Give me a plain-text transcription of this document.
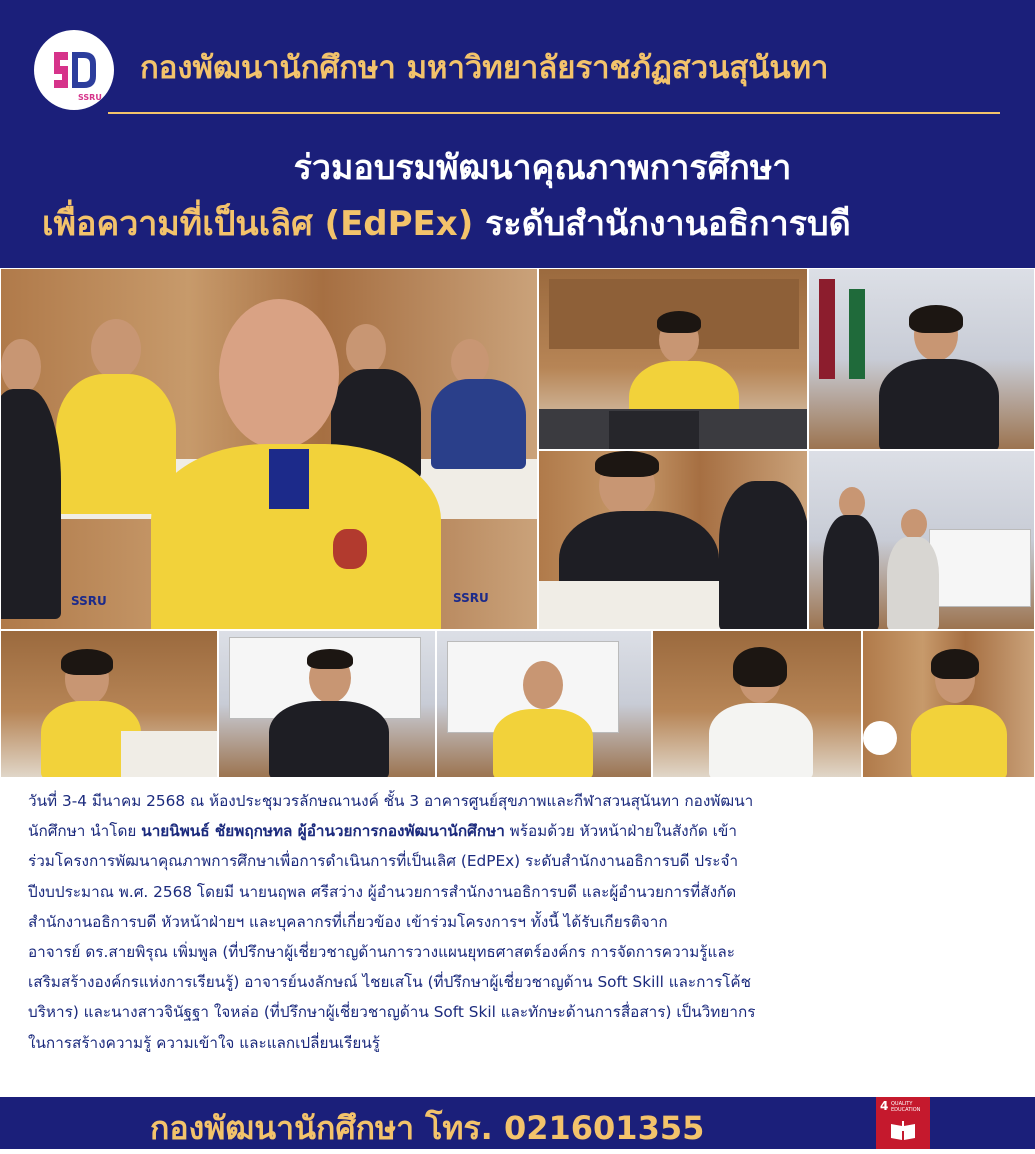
SSRU
กองพัฒนานักศึกษา มหาวิทยาลัยราชภัฏสวนสุนันทา
ร่วมอบรมพัฒนาคุณภาพการศึกษา
เพื่อความที่เป็นเลิศ (EdPEx) ระดับสำนักงานอธิการบดี
SSRU
SSRU

วันที่ 3-4 มีนาคม 2568 ณ ห้องประชุมวรลักษณานงค์ ชั้น 3 อาคารศูนย์สุขภาพและกีฬาสวนสุนันทา กองพัฒนา

นักศึกษา นำโดย นายนิพนธ์ ชัยพฤกษทล ผู้อำนวยการกองพัฒนานักศึกษา พร้อมด้วย หัวหน้าฝ่ายในสังกัด เข้า

ร่วมโครงการพัฒนาคุณภาพการศึกษาเพื่อการดำเนินการที่เป็นเลิศ (EdPEx) ระดับสำนักงานอธิการบดี ประจำ

ปีงบประมาณ พ.ศ. 2568 โดยมี นายนฤพล ศรีสว่าง ผู้อำนวยการสำนักงานอธิการบดี และผู้อำนวยการที่สังกัด

สำนักงานอธิการบดี หัวหน้าฝ่ายฯ และบุคลากรที่เกี่ยวข้อง เข้าร่วมโครงการฯ ทั้งนี้ ได้รับเกียรติจาก

อาจารย์ ดร.สายพิรุณ เพิ่มพูล (ที่ปรึกษาผู้เชี่ยวชาญด้านการวางแผนยุทธศาสตร์องค์กร การจัดการความรู้และ

เสริมสร้างองค์กรแห่งการเรียนรู้) อาจารย์นงลักษณ์ ไชยเสโน (ที่ปรึกษาผู้เชี่ยวชาญด้าน Soft Skill และการโค้ช

บริหาร) และนางสาวจินัฐฐา ใจหล่อ (ที่ปรึกษาผู้เชี่ยวชาญด้าน Soft Skil และทักษะด้านการสื่อสาร) เป็นวิทยากร

ในการสร้างความรู้ ความเข้าใจ และแลกเปลี่ยนเรียนรู้

กองพัฒนานักศึกษา โทร. 021601355
4 QUALITY
EDUCATION
